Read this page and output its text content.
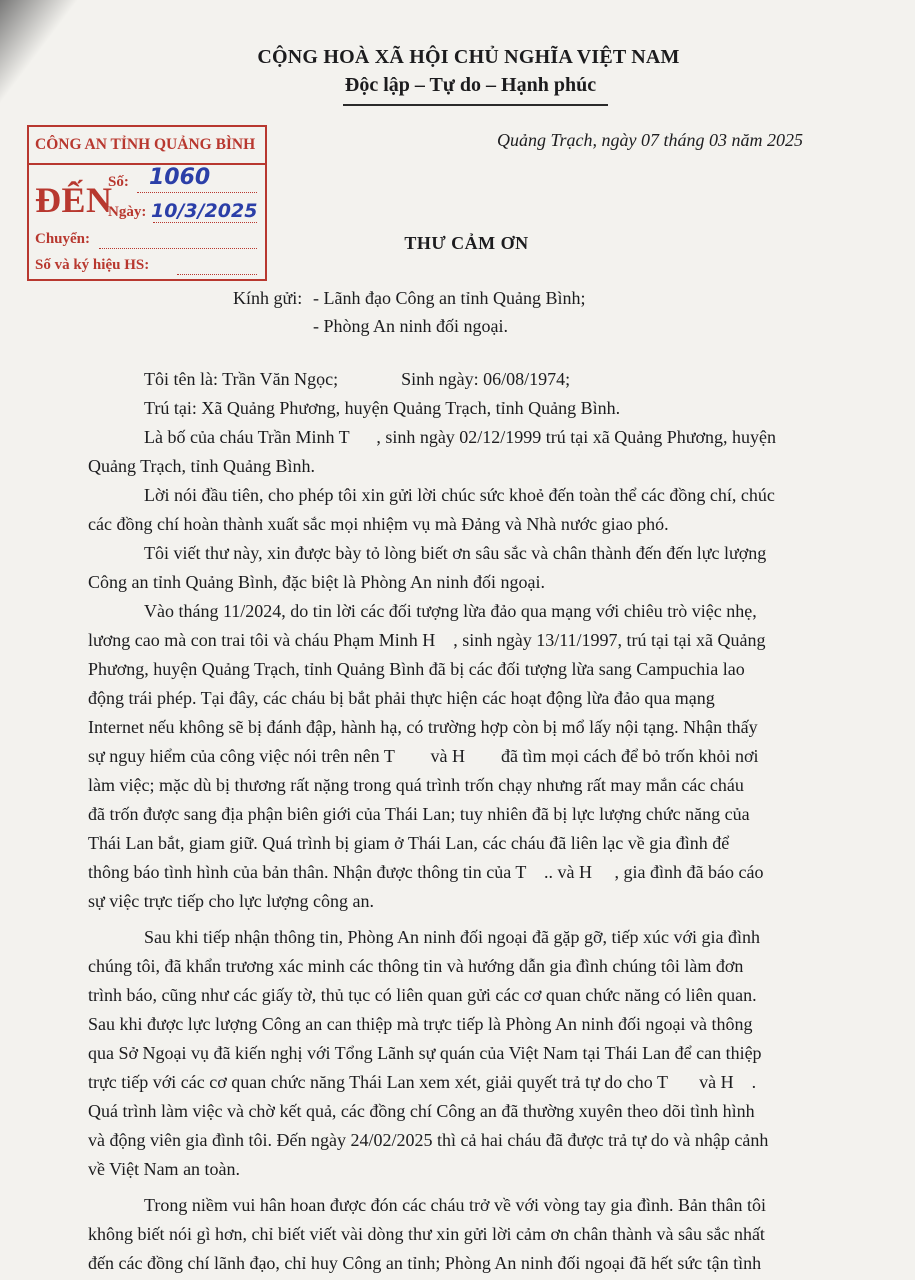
CỘNG HOÀ XÃ HỘI CHỦ NGHĨA VIỆT NAM
Độc lập – Tự do – Hạnh phúc
Quảng Trạch, ngày 07 tháng 03 năm 2025
CÔNG AN TỈNH QUẢNG BÌNH
ĐẾN
Số: 1060
Ngày: 10/3/2025
Chuyển:
Số và ký hiệu HS:
THƯ CẢM ƠN
Kính gửi: - Lãnh đạo Công an tỉnh Quảng Bình;
- Phòng An ninh đối ngoại.
Tôi tên là: Trần Văn Ngọc;              Sinh ngày: 06/08/1974;
Trú tại: Xã Quảng Phương, huyện Quảng Trạch, tỉnh Quảng Bình.
Là bố của cháu Trần Minh T      , sinh ngày 02/12/1999 trú tại xã Quảng Phương, huyện
Quảng Trạch, tỉnh Quảng Bình.
Lời nói đầu tiên, cho phép tôi xin gửi lời chúc sức khoẻ đến toàn thể các đồng chí, chúc
các đồng chí hoàn thành xuất sắc mọi nhiệm vụ mà Đảng và Nhà nước giao phó.
Tôi viết thư này, xin được bày tỏ lòng biết ơn sâu sắc và chân thành đến đến lực lượng
Công an tỉnh Quảng Bình, đặc biệt là Phòng An ninh đối ngoại.
Vào tháng 11/2024, do tin lời các đối tượng lừa đảo qua mạng với chiêu trò việc nhẹ,
lương cao mà con trai tôi và cháu Phạm Minh H    , sinh ngày 13/11/1997, trú tại tại xã Quảng
Phương, huyện Quảng Trạch, tỉnh Quảng Bình đã bị các đối tượng lừa sang Campuchia lao
động trái phép. Tại đây, các cháu bị bắt phải thực hiện các hoạt động lừa đảo qua mạng
Internet nếu không sẽ bị đánh đập, hành hạ, có trường hợp còn bị mổ lấy nội tạng. Nhận thấy
sự nguy hiểm của công việc nói trên nên T        và H        đã tìm mọi cách để bỏ trốn khỏi nơi
làm việc; mặc dù bị thương rất nặng trong quá trình trốn chạy nhưng rất may mắn các cháu
đã trốn được sang địa phận biên giới của Thái Lan; tuy nhiên đã bị lực lượng chức năng của
Thái Lan bắt, giam giữ. Quá trình bị giam ở Thái Lan, các cháu đã liên lạc về gia đình để
thông báo tình hình của bản thân. Nhận được thông tin của T    .. và H     , gia đình đã báo cáo
sự việc trực tiếp cho lực lượng công an.
Sau khi tiếp nhận thông tin, Phòng An ninh đối ngoại đã gặp gỡ, tiếp xúc với gia đình
chúng tôi, đã khẩn trương xác minh các thông tin và hướng dẫn gia đình chúng tôi làm đơn
trình báo, cũng như các giấy tờ, thủ tục có liên quan gửi các cơ quan chức năng có liên quan.
Sau khi được lực lượng Công an can thiệp mà trực tiếp là Phòng An ninh đối ngoại và thông
qua Sở Ngoại vụ đã kiến nghị với Tổng Lãnh sự quán của Việt Nam tại Thái Lan để can thiệp
trực tiếp với các cơ quan chức năng Thái Lan xem xét, giải quyết trả tự do cho T       và H    .
Quá trình làm việc và chờ kết quả, các đồng chí Công an đã thường xuyên theo dõi tình hình
và động viên gia đình tôi. Đến ngày 24/02/2025 thì cả hai cháu đã được trả tự do và nhập cảnh
về Việt Nam an toàn.
Trong niềm vui hân hoan được đón các cháu trở về với vòng tay gia đình. Bản thân tôi
không biết nói gì hơn, chỉ biết viết vài dòng thư xin gửi lời cảm ơn chân thành và sâu sắc nhất
đến các đồng chí lãnh đạo, chỉ huy Công an tỉnh; Phòng An ninh đối ngoại đã hết sức tận tình
